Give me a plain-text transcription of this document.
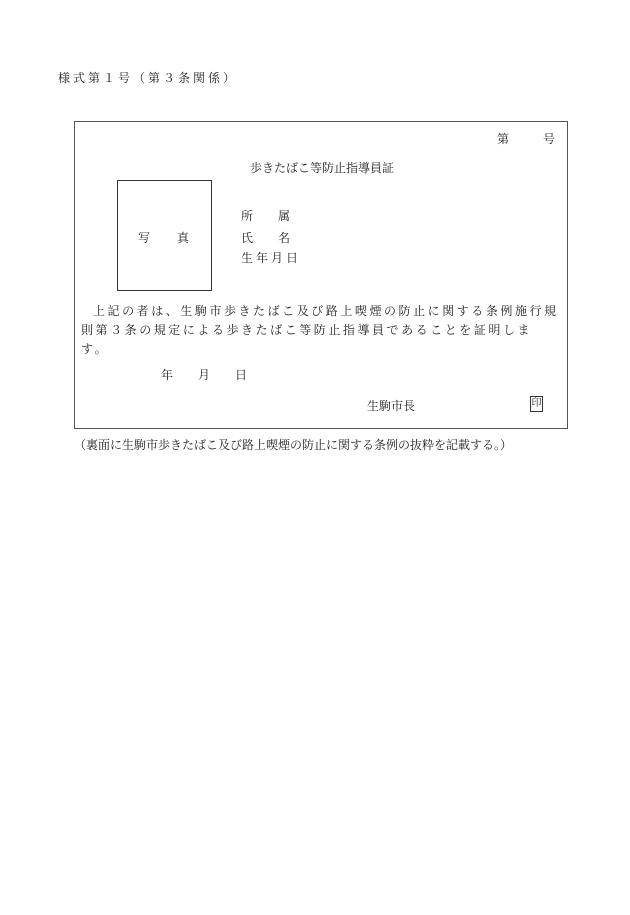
様式第１号（第３条関係）
第	号
歩きたばこ等防止指導員証
写 真
所 属
氏 名
生年月日

上記の者は、生駒市歩きたばこ及び路上喫煙の防止に関する条例施行規則第３条の規定による歩きたばこ等防止指導員であることを証明します。

年 月 日
生駒市長	印
（裏面に生駒市歩きたばこ及び路上喫煙の防止に関する条例の抜粋を記載する。）
